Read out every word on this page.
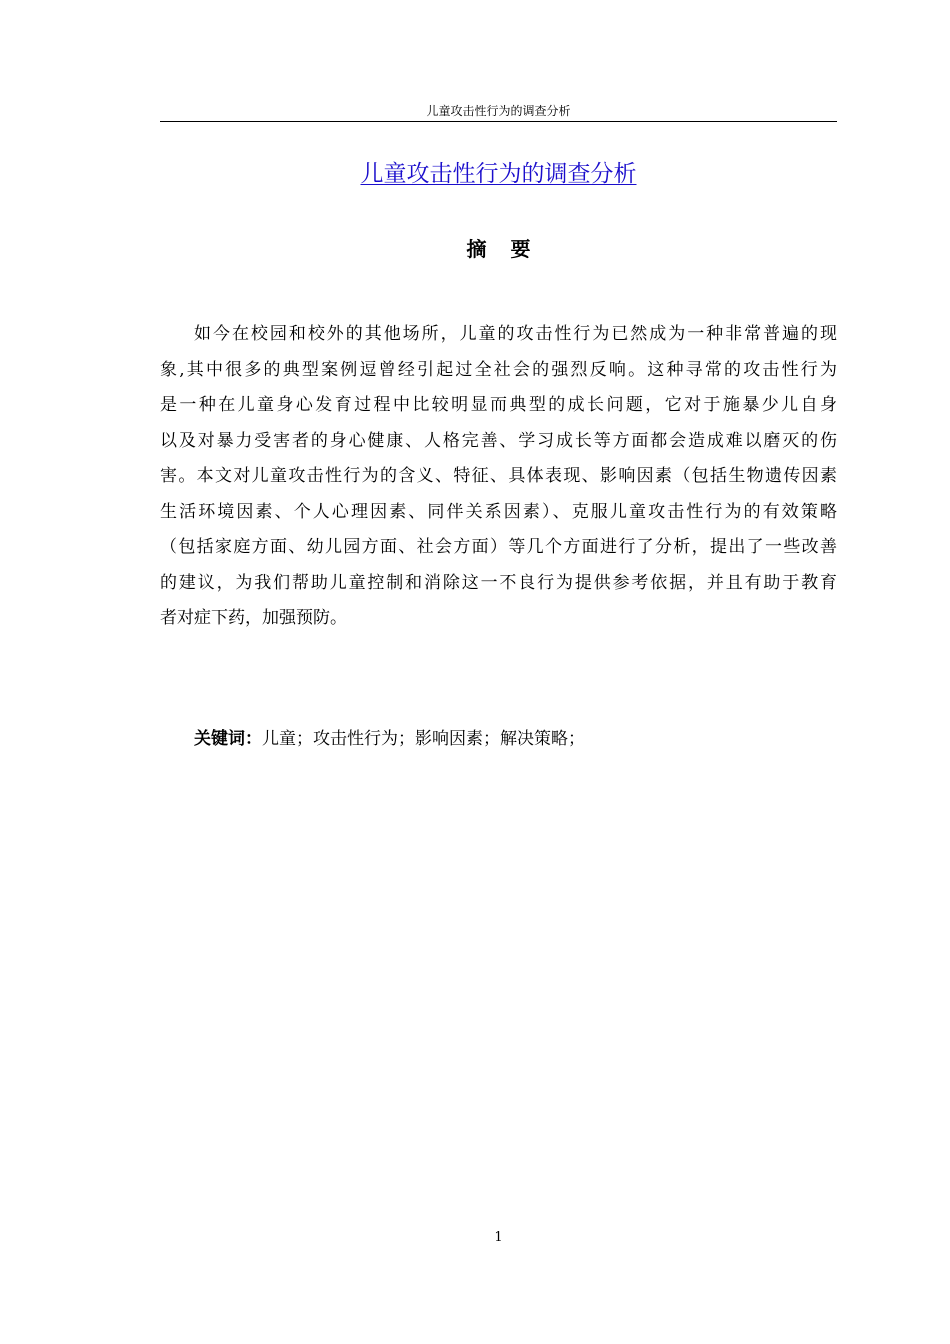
儿童攻击性行为的调查分析
儿童攻击性行为的调查分析
摘要
如今在校园和校外的其他场所，儿童的攻击性行为已然成为一种非常普遍的现
象,其中很多的典型案例逗曾经引起过全社会的强烈反响。这种寻常的攻击性行为
是一种在儿童身心发育过程中比较明显而典型的成长问题，它对于施暴少儿自身
以及对暴力受害者的身心健康、人格完善、学习成长等方面都会造成难以磨灭的伤
害。本文对儿童攻击性行为的含义、特征、具体表现、影响因素（包括生物遗传因素
生活环境因素、个人心理因素、同伴关系因素）、克服儿童攻击性行为的有效策略
（包括家庭方面、幼儿园方面、社会方面）等几个方面进行了分析，提出了一些改善
的建议，为我们帮助儿童控制和消除这一不良行为提供参考依据，并且有助于教育
者对症下药，加强预防。
关键词：儿童；攻击性行为；影响因素；解决策略；
1
